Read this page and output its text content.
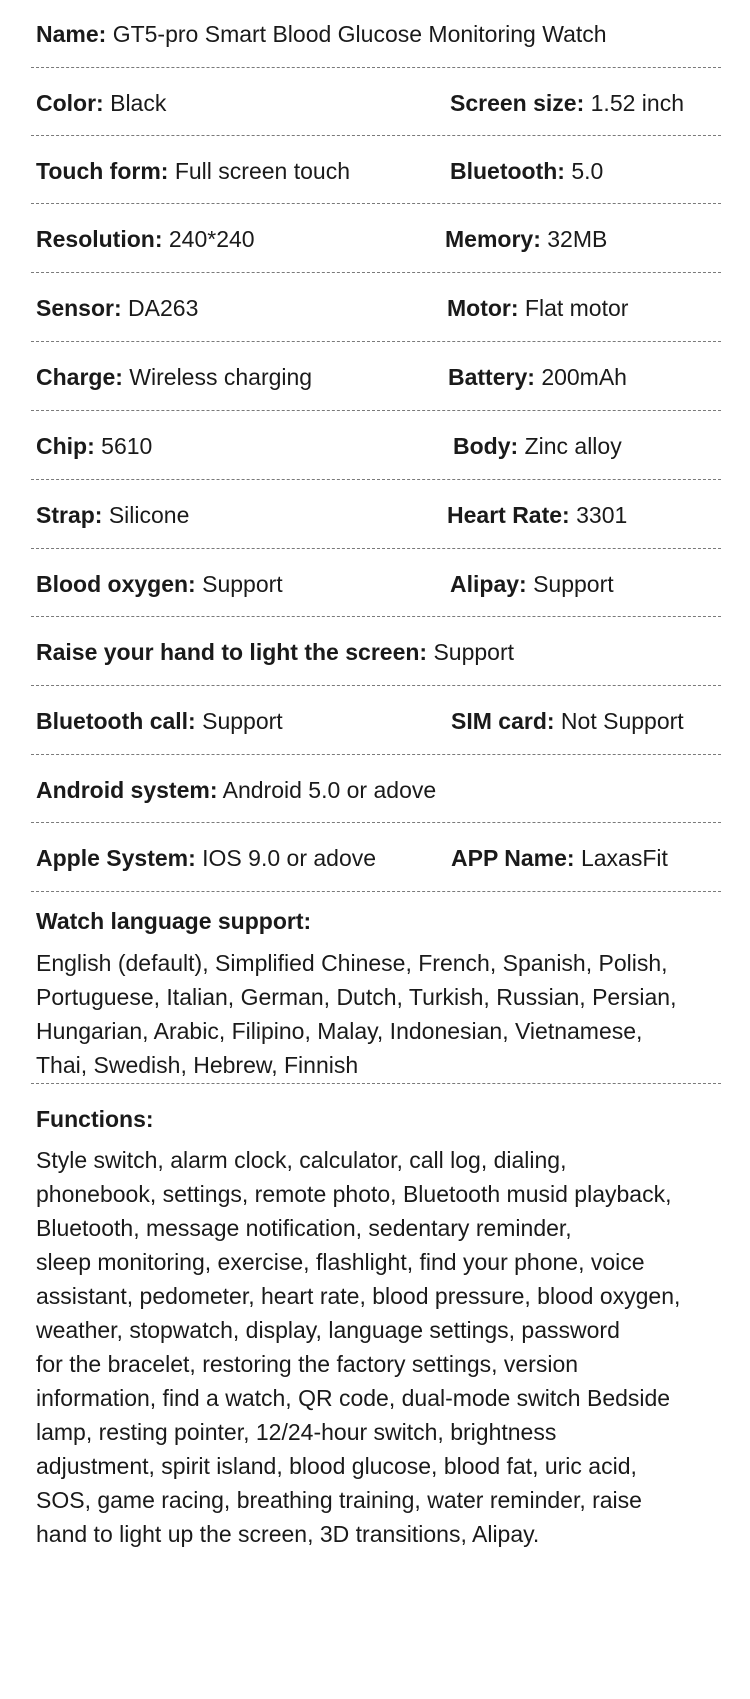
Name: GT5-pro Smart Blood Glucose Monitoring Watch
Color: Black	Screen size: 1.52 inch
Touch form: Full screen touch	Bluetooth: 5.0
Resolution: 240*240	Memory: 32MB
Sensor: DA263	Motor: Flat motor
Charge: Wireless charging	Battery: 200mAh
Chip: 5610	Body: Zinc alloy
Strap: Silicone	Heart Rate: 3301
Blood oxygen: Support	Alipay: Support
Raise your hand to light the screen: Support
Bluetooth call: Support	SIM card: Not Support
Android system: Android 5.0 or adove
Apple System: IOS 9.0 or adove	APP Name: LaxasFit
Watch language support:
English (default), Simplified Chinese, French, Spanish, Polish,
Portuguese, Italian, German, Dutch, Turkish, Russian, Persian,
Hungarian, Arabic, Filipino, Malay, Indonesian, Vietnamese,
Thai, Swedish, Hebrew, Finnish
Functions:
Style switch, alarm clock, calculator, call log, dialing,
phonebook, settings, remote photo, Bluetooth musid playback,
Bluetooth, message notification, sedentary reminder,
sleep monitoring, exercise, flashlight, find your phone, voice
assistant, pedometer, heart rate, blood pressure, blood oxygen,
weather, stopwatch, display, language settings, password
for the bracelet, restoring the factory settings, version
information, find a watch, QR code, dual-mode switch Bedside
lamp, resting pointer, 12/24-hour switch, brightness
adjustment, spirit island, blood glucose, blood fat, uric acid,
SOS, game racing, breathing training, water reminder, raise
hand to light up the screen, 3D transitions, Alipay.
